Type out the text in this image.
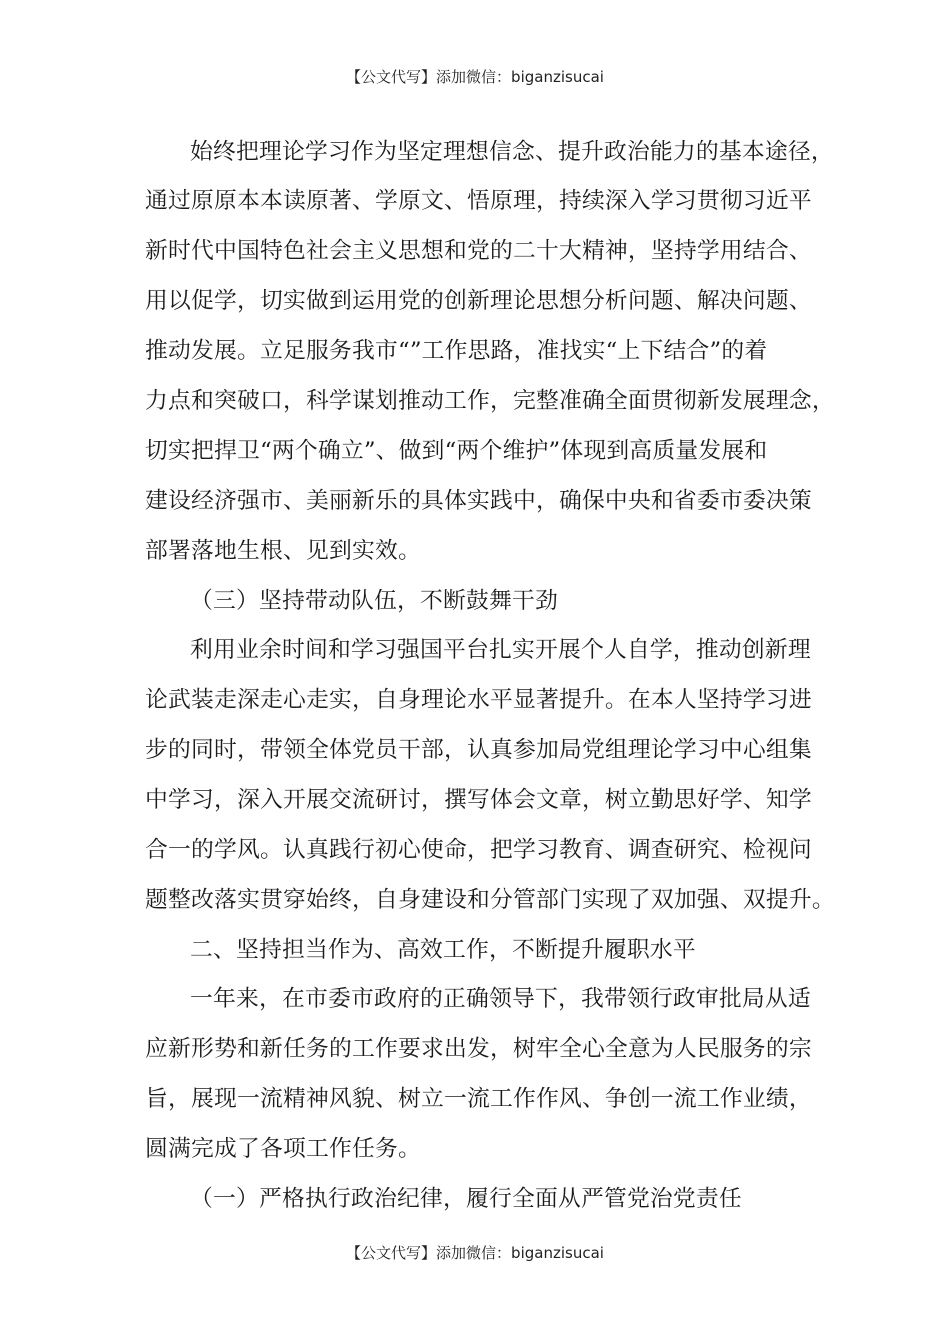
【公文代写】添加微信：biganzisucai
始终把理论学习作为坚定理想信念、提升政治能力的基本途径，
通过原原本本读原著、学原文、悟原理，持续深入学习贯彻习近平
新时代中国特色社会主义思想和党的二十大精神，坚持学用结合、
用以促学，切实做到运用党的创新理论思想分析问题、解决问题、
推动发展。立足服务我市“”工作思路，准找实“上下结合”的着
力点和突破口，科学谋划推动工作，完整准确全面贯彻新发展理念，
切实把捍卫“两个确立”、做到“两个维护”体现到高质量发展和
建设经济强市、美丽新乐的具体实践中，确保中央和省委市委决策
部署落地生根、见到实效。
（三）坚持带动队伍，不断鼓舞干劲
利用业余时间和学习强国平台扎实开展个人自学，推动创新理
论武装走深走心走实，自身理论水平显著提升。在本人坚持学习进
步的同时，带领全体党员干部，认真参加局党组理论学习中心组集
中学习，深入开展交流研讨，撰写体会文章，树立勤思好学、知学
合一的学风。认真践行初心使命，把学习教育、调查研究、检视问
题整改落实贯穿始终，自身建设和分管部门实现了双加强、双提升。
二、坚持担当作为、高效工作，不断提升履职水平
一年来，在市委市政府的正确领导下，我带领行政审批局从适
应新形势和新任务的工作要求出发，树牢全心全意为人民服务的宗
旨，展现一流精神风貌、树立一流工作作风、争创一流工作业绩，
圆满完成了各项工作任务。
（一）严格执行政治纪律，履行全面从严管党治党责任
【公文代写】添加微信：biganzisucai
